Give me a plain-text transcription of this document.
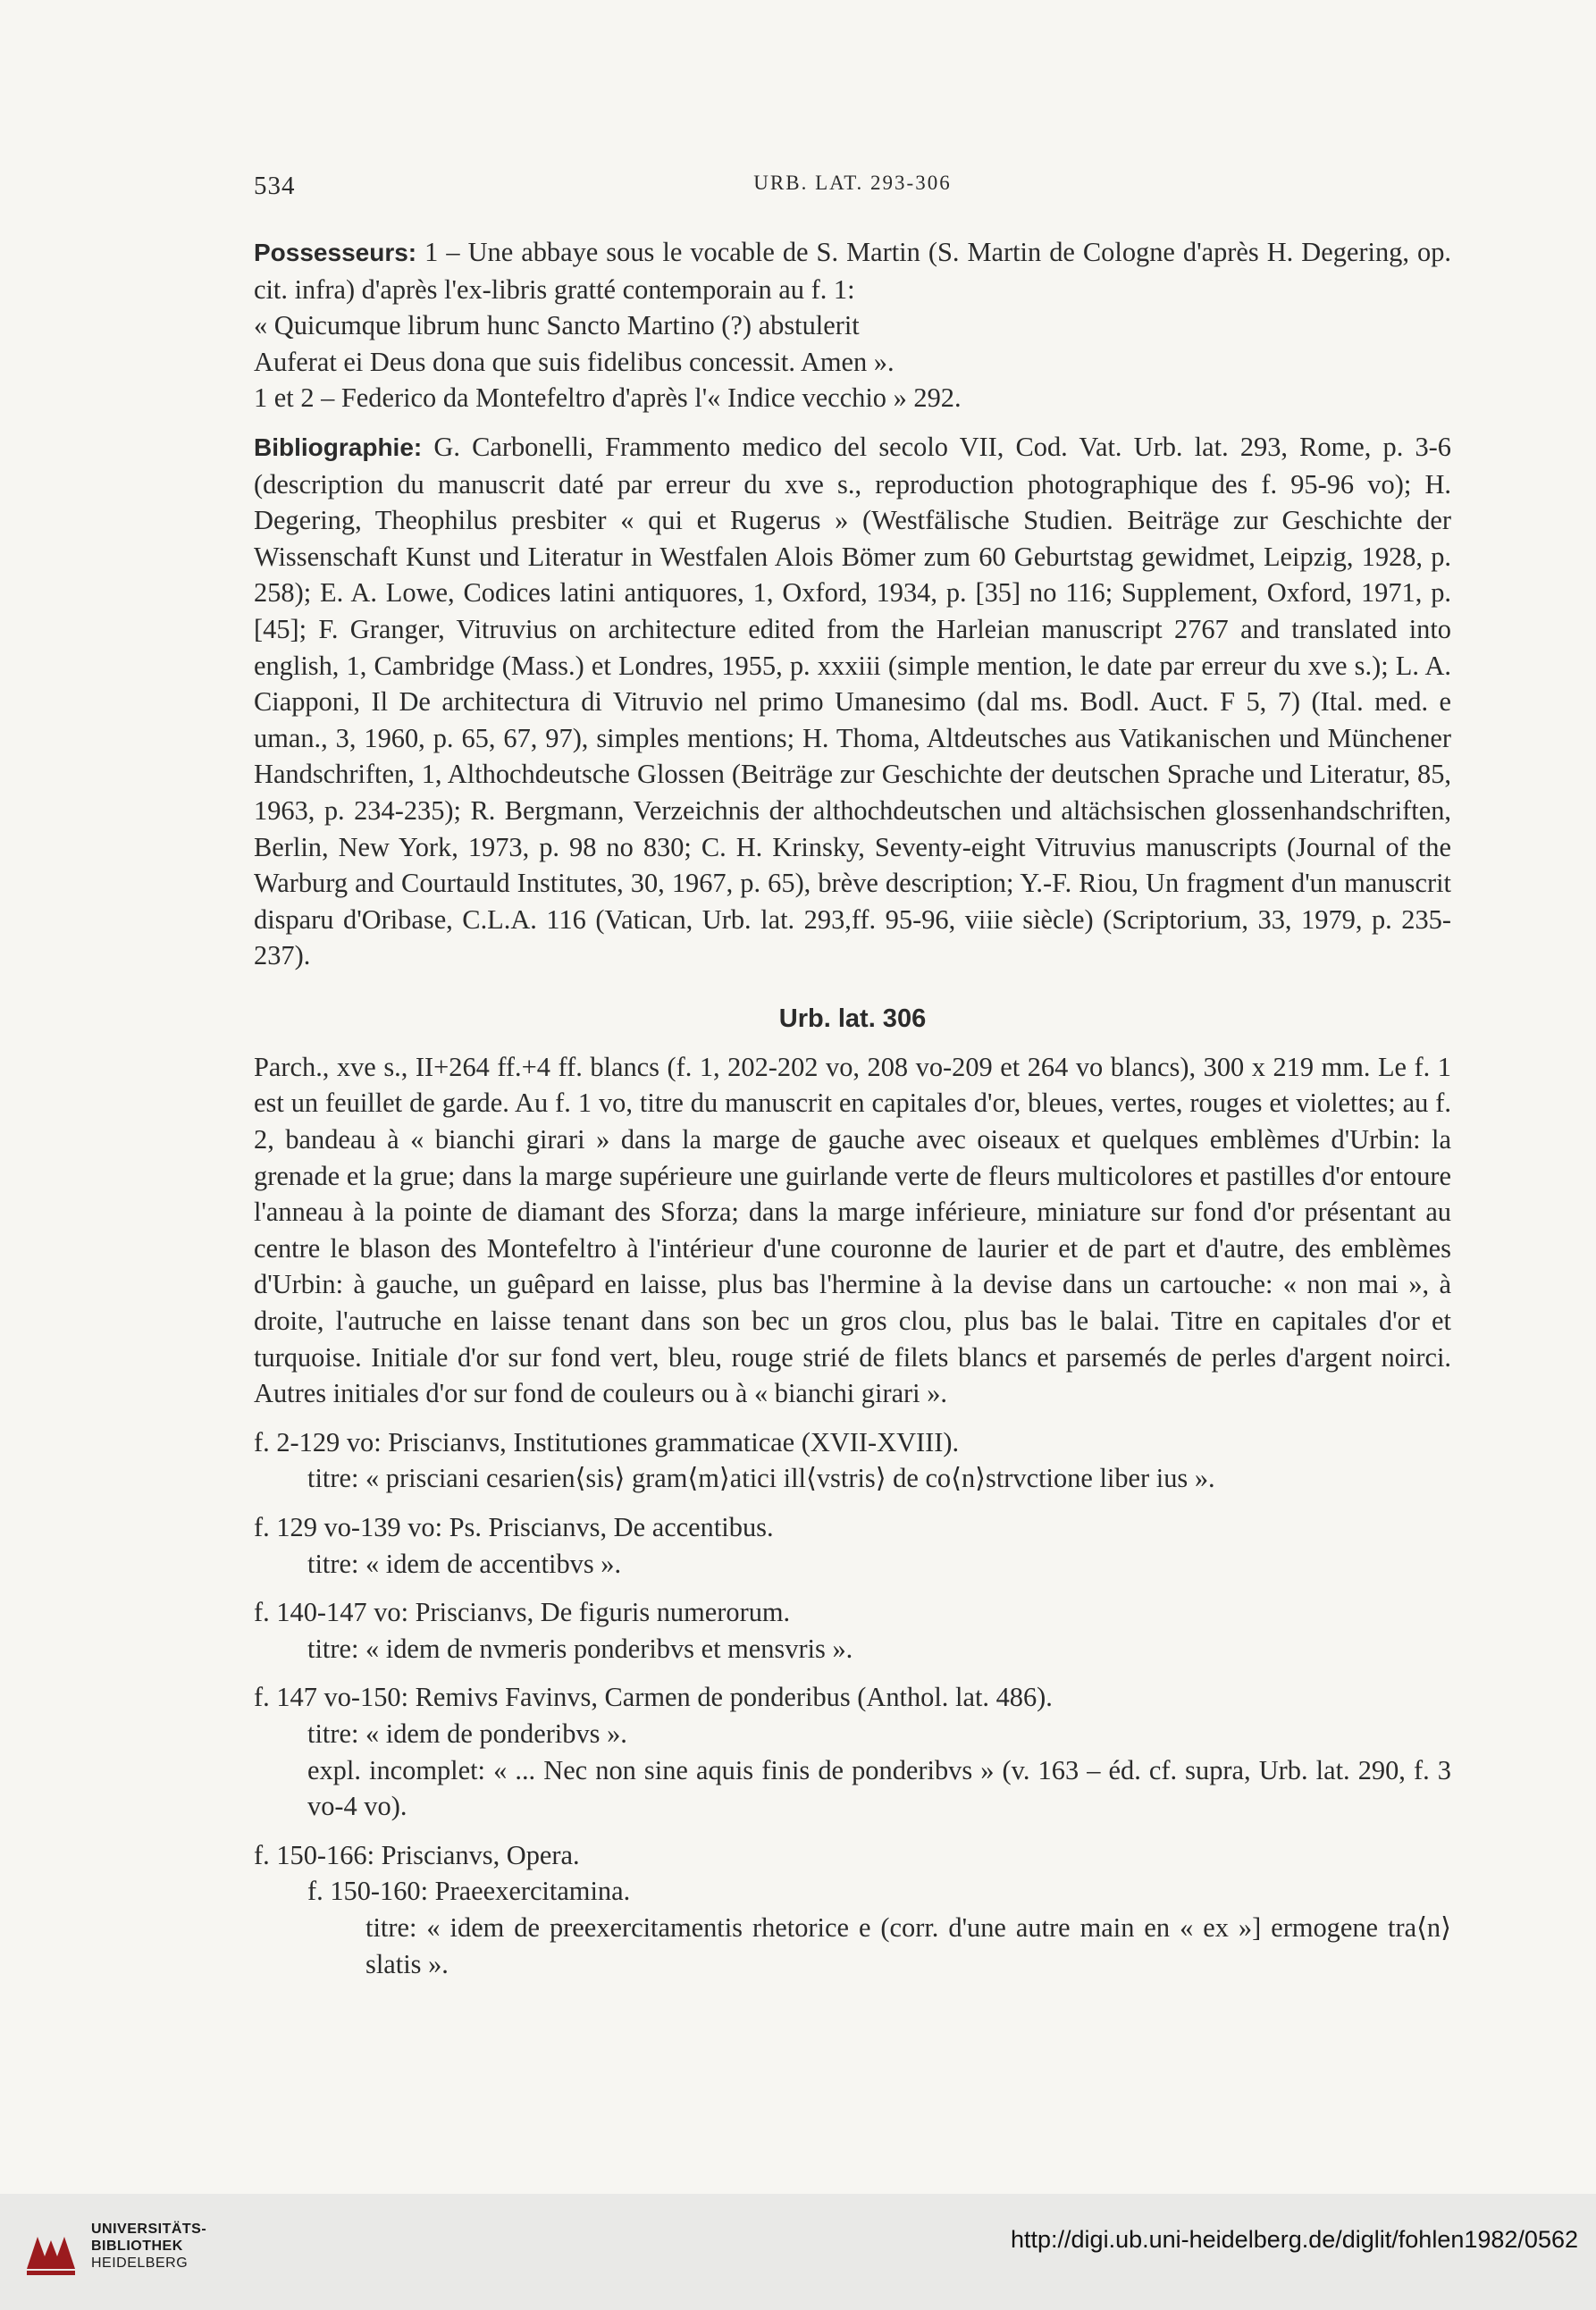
534	URB. LAT. 293-306

Possesseurs: 1 – Une abbaye sous le vocable de S. Martin (S. Martin de Cologne d'après H. Degering, op. cit. infra) d'après l'ex-libris gratté contemporain au f. 1:

« Quicumque librum hunc Sancto Martino (?) abstulerit

Auferat ei Deus dona que suis fidelibus concessit. Amen ».

1 et 2 – Federico da Montefeltro d'après l'« Indice vecchio » 292.

Bibliographie: G. Carbonelli, Frammento medico del secolo VII, Cod. Vat. Urb. lat. 293, Rome, p. 3-6 (description du manuscrit daté par erreur du xve s., reproduction photographique des f. 95-96 vo); H. Degering, Theophilus presbiter « qui et Rugerus » (Westfälische Studien. Beiträge zur Geschichte der Wissenschaft Kunst und Literatur in Westfalen Alois Bömer zum 60 Geburtstag gewidmet, Leipzig, 1928, p. 258); E. A. Lowe, Codices latini antiquores, 1, Oxford, 1934, p. [35] no 116; Supplement, Oxford, 1971, p. [45]; F. Granger, Vitruvius on architecture edited from the Harleian manuscript 2767 and translated into english, 1, Cambridge (Mass.) et Londres, 1955, p. xxxiii (simple mention, le date par erreur du xve s.); L. A. Ciapponi, Il De architectura di Vitruvio nel primo Umanesimo (dal ms. Bodl. Auct. F 5, 7) (Ital. med. e uman., 3, 1960, p. 65, 67, 97), simples mentions; H. Thoma, Altdeutsches aus Vatikanischen und Münchener Handschriften, 1, Althochdeutsche Glossen (Beiträge zur Geschichte der deutschen Sprache und Literatur, 85, 1963, p. 234-235); R. Bergmann, Verzeichnis der althochdeutschen und altächsischen glossenhandschriften, Berlin, New York, 1973, p. 98 no 830; C. H. Krinsky, Seventy-eight Vitruvius manuscripts (Journal of the Warburg and Courtauld Institutes, 30, 1967, p. 65), brève description; Y.-F. Riou, Un fragment d'un manuscrit disparu d'Oribase, C.L.A. 116 (Vatican, Urb. lat. 293,ff. 95-96, viiie siècle) (Scriptorium, 33, 1979, p. 235-237).

Urb. lat. 306

Parch., xve s., II+264 ff.+4 ff. blancs (f. 1, 202-202 vo, 208 vo-209 et 264 vo blancs), 300 x 219 mm. Le f. 1 est un feuillet de garde. Au f. 1 vo, titre du manuscrit en capitales d'or, bleues, vertes, rouges et violettes; au f. 2, bandeau à « bianchi girari » dans la marge de gauche avec oiseaux et quelques emblèmes d'Urbin: la grenade et la grue; dans la marge supérieure une guirlande verte de fleurs multicolores et pastilles d'or entoure l'anneau à la pointe de diamant des Sforza; dans la marge inférieure, miniature sur fond d'or présentant au centre le blason des Montefeltro à l'intérieur d'une couronne de laurier et de part et d'autre, des emblèmes d'Urbin: à gauche, un guêpard en laisse, plus bas l'hermine à la devise dans un cartouche: « non mai », à droite, l'autruche en laisse tenant dans son bec un gros clou, plus bas le balai. Titre en capitales d'or et turquoise. Initiale d'or sur fond vert, bleu, rouge strié de filets blancs et parsemés de perles d'argent noirci. Autres initiales d'or sur fond de couleurs ou à « bianchi girari ».

f. 2-129 vo: Priscianvs, Institutiones grammaticae (XVII-XVIII).

titre: « prisciani cesarien⟨sis⟩ gram⟨m⟩atici ill⟨vstris⟩ de co⟨n⟩strvctione liber ius ».

f. 129 vo-139 vo: Ps. Priscianvs, De accentibus.

titre: « idem de accentibvs ».

f. 140-147 vo: Priscianvs, De figuris numerorum.

titre: « idem de nvmeris ponderibvs et mensvris ».

f. 147 vo-150: Remivs Favinvs, Carmen de ponderibus (Anthol. lat. 486).

titre: « idem de ponderibvs ».

expl. incomplet: « ... Nec non sine aquis finis de ponderibvs » (v. 163 – éd. cf. supra, Urb. lat. 290, f. 3 vo-4 vo).

f. 150-166: Priscianvs, Opera.

f. 150-160: Praeexercitamina.

titre: « idem de preexercitamentis rhetorice e (corr. d'une autre main en « ex »] ermogene tra⟨n⟩slatis ».

UNIVERSITÄTS-
BIBLIOTHEK
HEIDELBERG
http://digi.ub.uni-heidelberg.de/diglit/fohlen1982/0562
